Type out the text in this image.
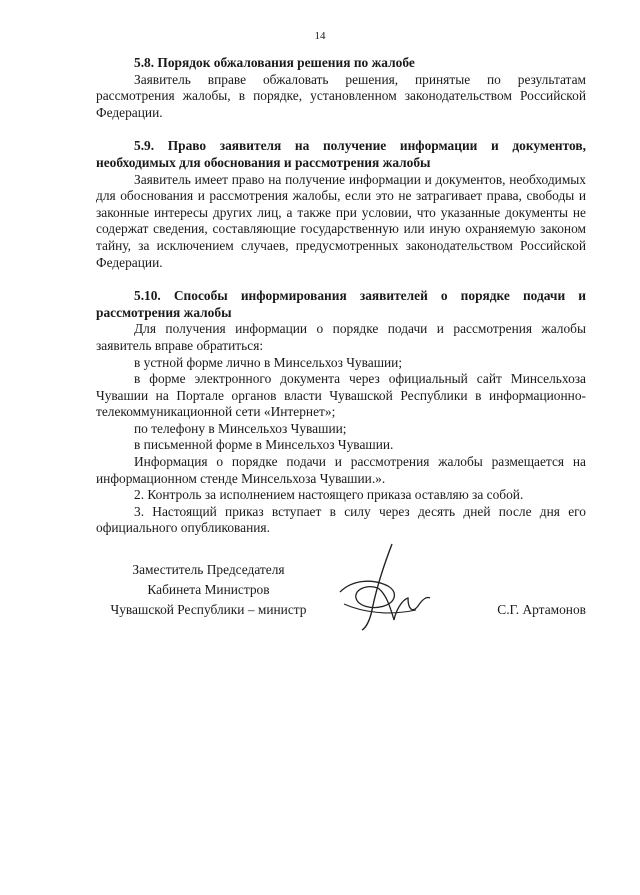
14
5.8. Порядок обжалования решения по жалобе

Заявитель вправе обжаловать решения, принятые по результатам рассмотрения жалобы, в порядке, установленном законодательством Российской Федерации.

5.9. Право заявителя на получение информации и документов, необходимых для обоснования и рассмотрения жалобы

Заявитель имеет право на получение информации и документов, необходимых для обоснования и рассмотрения жалобы, если это не затрагивает права, свободы и законные интересы других лиц, а также при условии, что указанные документы не содержат сведения, составляющие государственную или иную охраняемую законом тайну, за исключением случаев, предусмотренных законодательством Российской Федерации.

5.10. Способы информирования заявителей о порядке подачи и рассмотрения жалобы

Для получения информации о порядке подачи и рассмотрения жалобы заявитель вправе обратиться:

в устной форме лично в Минсельхоз Чувашии;

в форме электронного документа через официальный сайт Минсельхоза Чувашии на Портале органов власти Чувашской Республики в информационно-телекоммуникационной сети «Интернет»;

по телефону в Минсельхоз Чувашии;

в письменной форме в Минсельхоз Чувашии.

Информация о порядке подачи и рассмотрения жалобы размещается на информационном стенде Минсельхоза Чувашии.».

2. Контроль за исполнением настоящего приказа оставляю за собой.

3. Настоящий приказ вступает в силу через десять дней после дня его официального опубликования.

Заместитель Председателя
Кабинета Министров
Чувашской Республики – министр	С.Г. Артамонов
